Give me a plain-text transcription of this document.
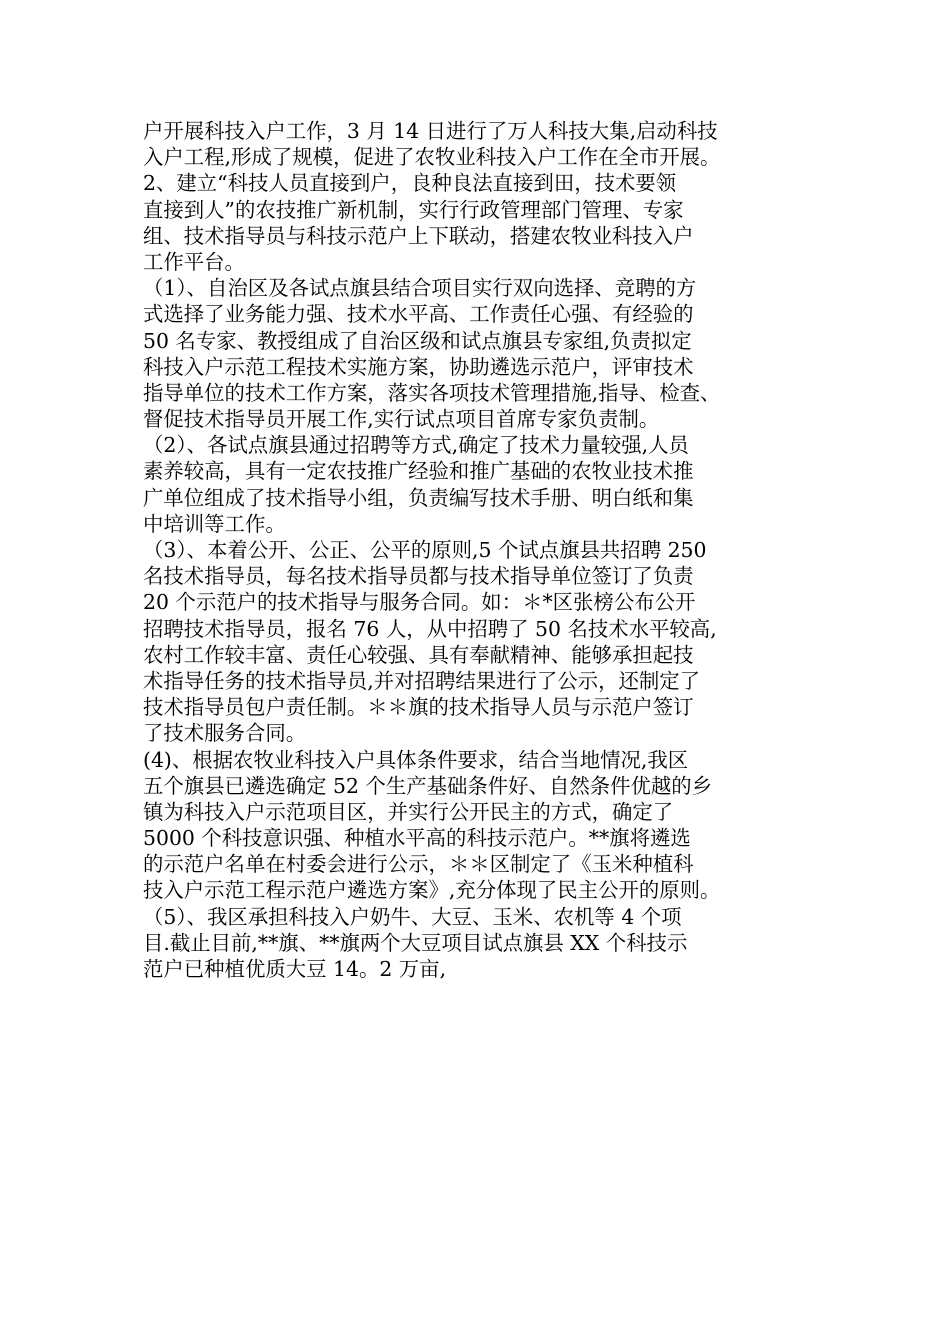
户开展科技入户工作，3 月 14 日进行了万人科技大集,启动科技
入户工程,形成了规模，促进了农牧业科技入户工作在全市开展。
2、建立“科技人员直接到户，良种良法直接到田，技术要领
直接到人”的农技推广新机制，实行行政管理部门管理、专家
组、技术指导员与科技示范户上下联动，搭建农牧业科技入户
工作平台。
（1）、自治区及各试点旗县结合项目实行双向选择、竞聘的方
式选择了业务能力强、技术水平高、工作责任心强、有经验的
50 名专家、教授组成了自治区级和试点旗县专家组,负责拟定
科技入户示范工程技术实施方案，协助遴选示范户，评审技术
指导单位的技术工作方案，落实各项技术管理措施,指导、检查、
督促技术指导员开展工作,实行试点项目首席专家负责制。
（2）、各试点旗县通过招聘等方式,确定了技术力量较强,人员
素养较高，具有一定农技推广经验和推广基础的农牧业技术推
广单位组成了技术指导小组，负责编写技术手册、明白纸和集
中培训等工作。
（3）、本着公开、公正、公平的原则,5 个试点旗县共招聘 250
名技术指导员，每名技术指导员都与技术指导单位签订了负责
20 个示范户的技术指导与服务合同。如：＊*区张榜公布公开
招聘技术指导员，报名 76 人，从中招聘了 50 名技术水平较高,
农村工作较丰富、责任心较强、具有奉献精神、能够承担起技
术指导任务的技术指导员,并对招聘结果进行了公示，还制定了
技术指导员包户责任制。＊＊旗的技术指导人员与示范户签订
了技术服务合同。
(4)、根据农牧业科技入户具体条件要求，结合当地情况,我区
五个旗县已遴选确定 52 个生产基础条件好、自然条件优越的乡
镇为科技入户示范项目区，并实行公开民主的方式，确定了
5000 个科技意识强、种植水平高的科技示范户。**旗将遴选
的示范户名单在村委会进行公示，＊＊区制定了《玉米种植科
技入户示范工程示范户遴选方案》,充分体现了民主公开的原则。
（5）、我区承担科技入户奶牛、大豆、玉米、农机等 4 个项
目.截止目前,**旗、**旗两个大豆项目试点旗县 XX 个科技示
范户已种植优质大豆 14。2 万亩,
